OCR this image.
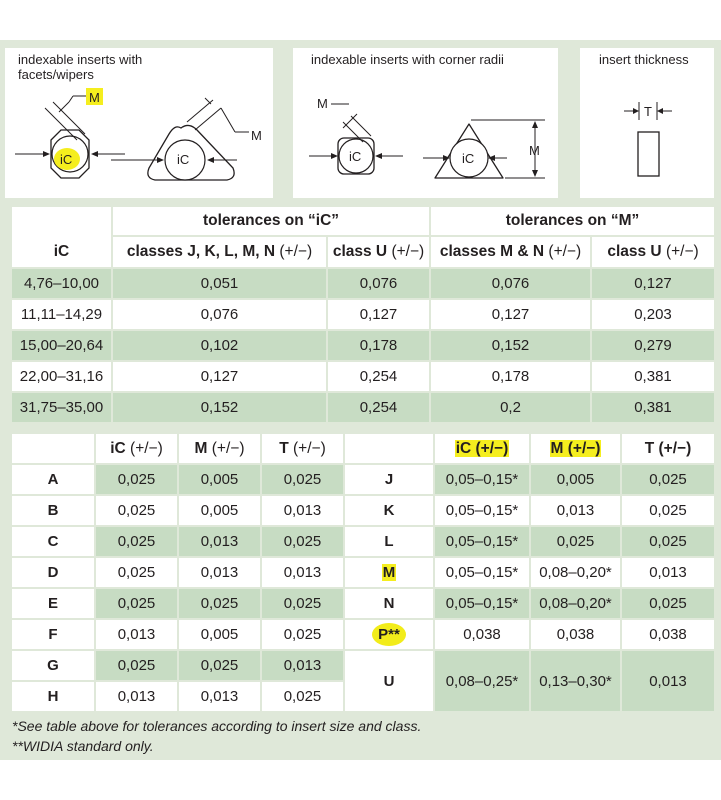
indexable inserts with facets/wipers
iC
M
iC
M
indexable inserts with corner radii
iC
M
iC
M
insert thickness
T
iC	tolerances on “iC”		tolerances on “M”	
	classes J, K, L, M, N (+/−)	class U (+/−)	classes M & N (+/−)	class U (+/−)
4,76–10,00	0,051	0,076	0,076	0,127
11,11–14,29	0,076	0,127	0,127	0,203
15,00–20,64	0,102	0,178	0,152	0,279
22,00–31,16	0,127	0,254	0,178	0,381
31,75–35,00	0,152	0,254	0,2	0,381
	iC (+/−)	M (+/−)	T (+/−)		iC (+/−)	M (+/−)	T (+/−)
A	0,025	0,005	0,025	J	0,05–0,15*	0,005	0,025
B	0,025	0,005	0,013	K	0,05–0,15*	0,013	0,025
C	0,025	0,013	0,025	L	0,05–0,15*	0,025	0,025
D	0,025	0,013	0,013	M	0,05–0,15*	0,08–0,20*	0,013
E	0,025	0,025	0,025	N	0,05–0,15*	0,08–0,20*	0,025
F	0,013	0,005	0,025	P**	0,038	0,038	0,038
G	0,025	0,025	0,013	U	0,08–0,25*	0,13–0,30*	0,013
H	0,013	0,013	0,025				
*See table above for tolerances according to insert size and class.
**WIDIA standard only.
